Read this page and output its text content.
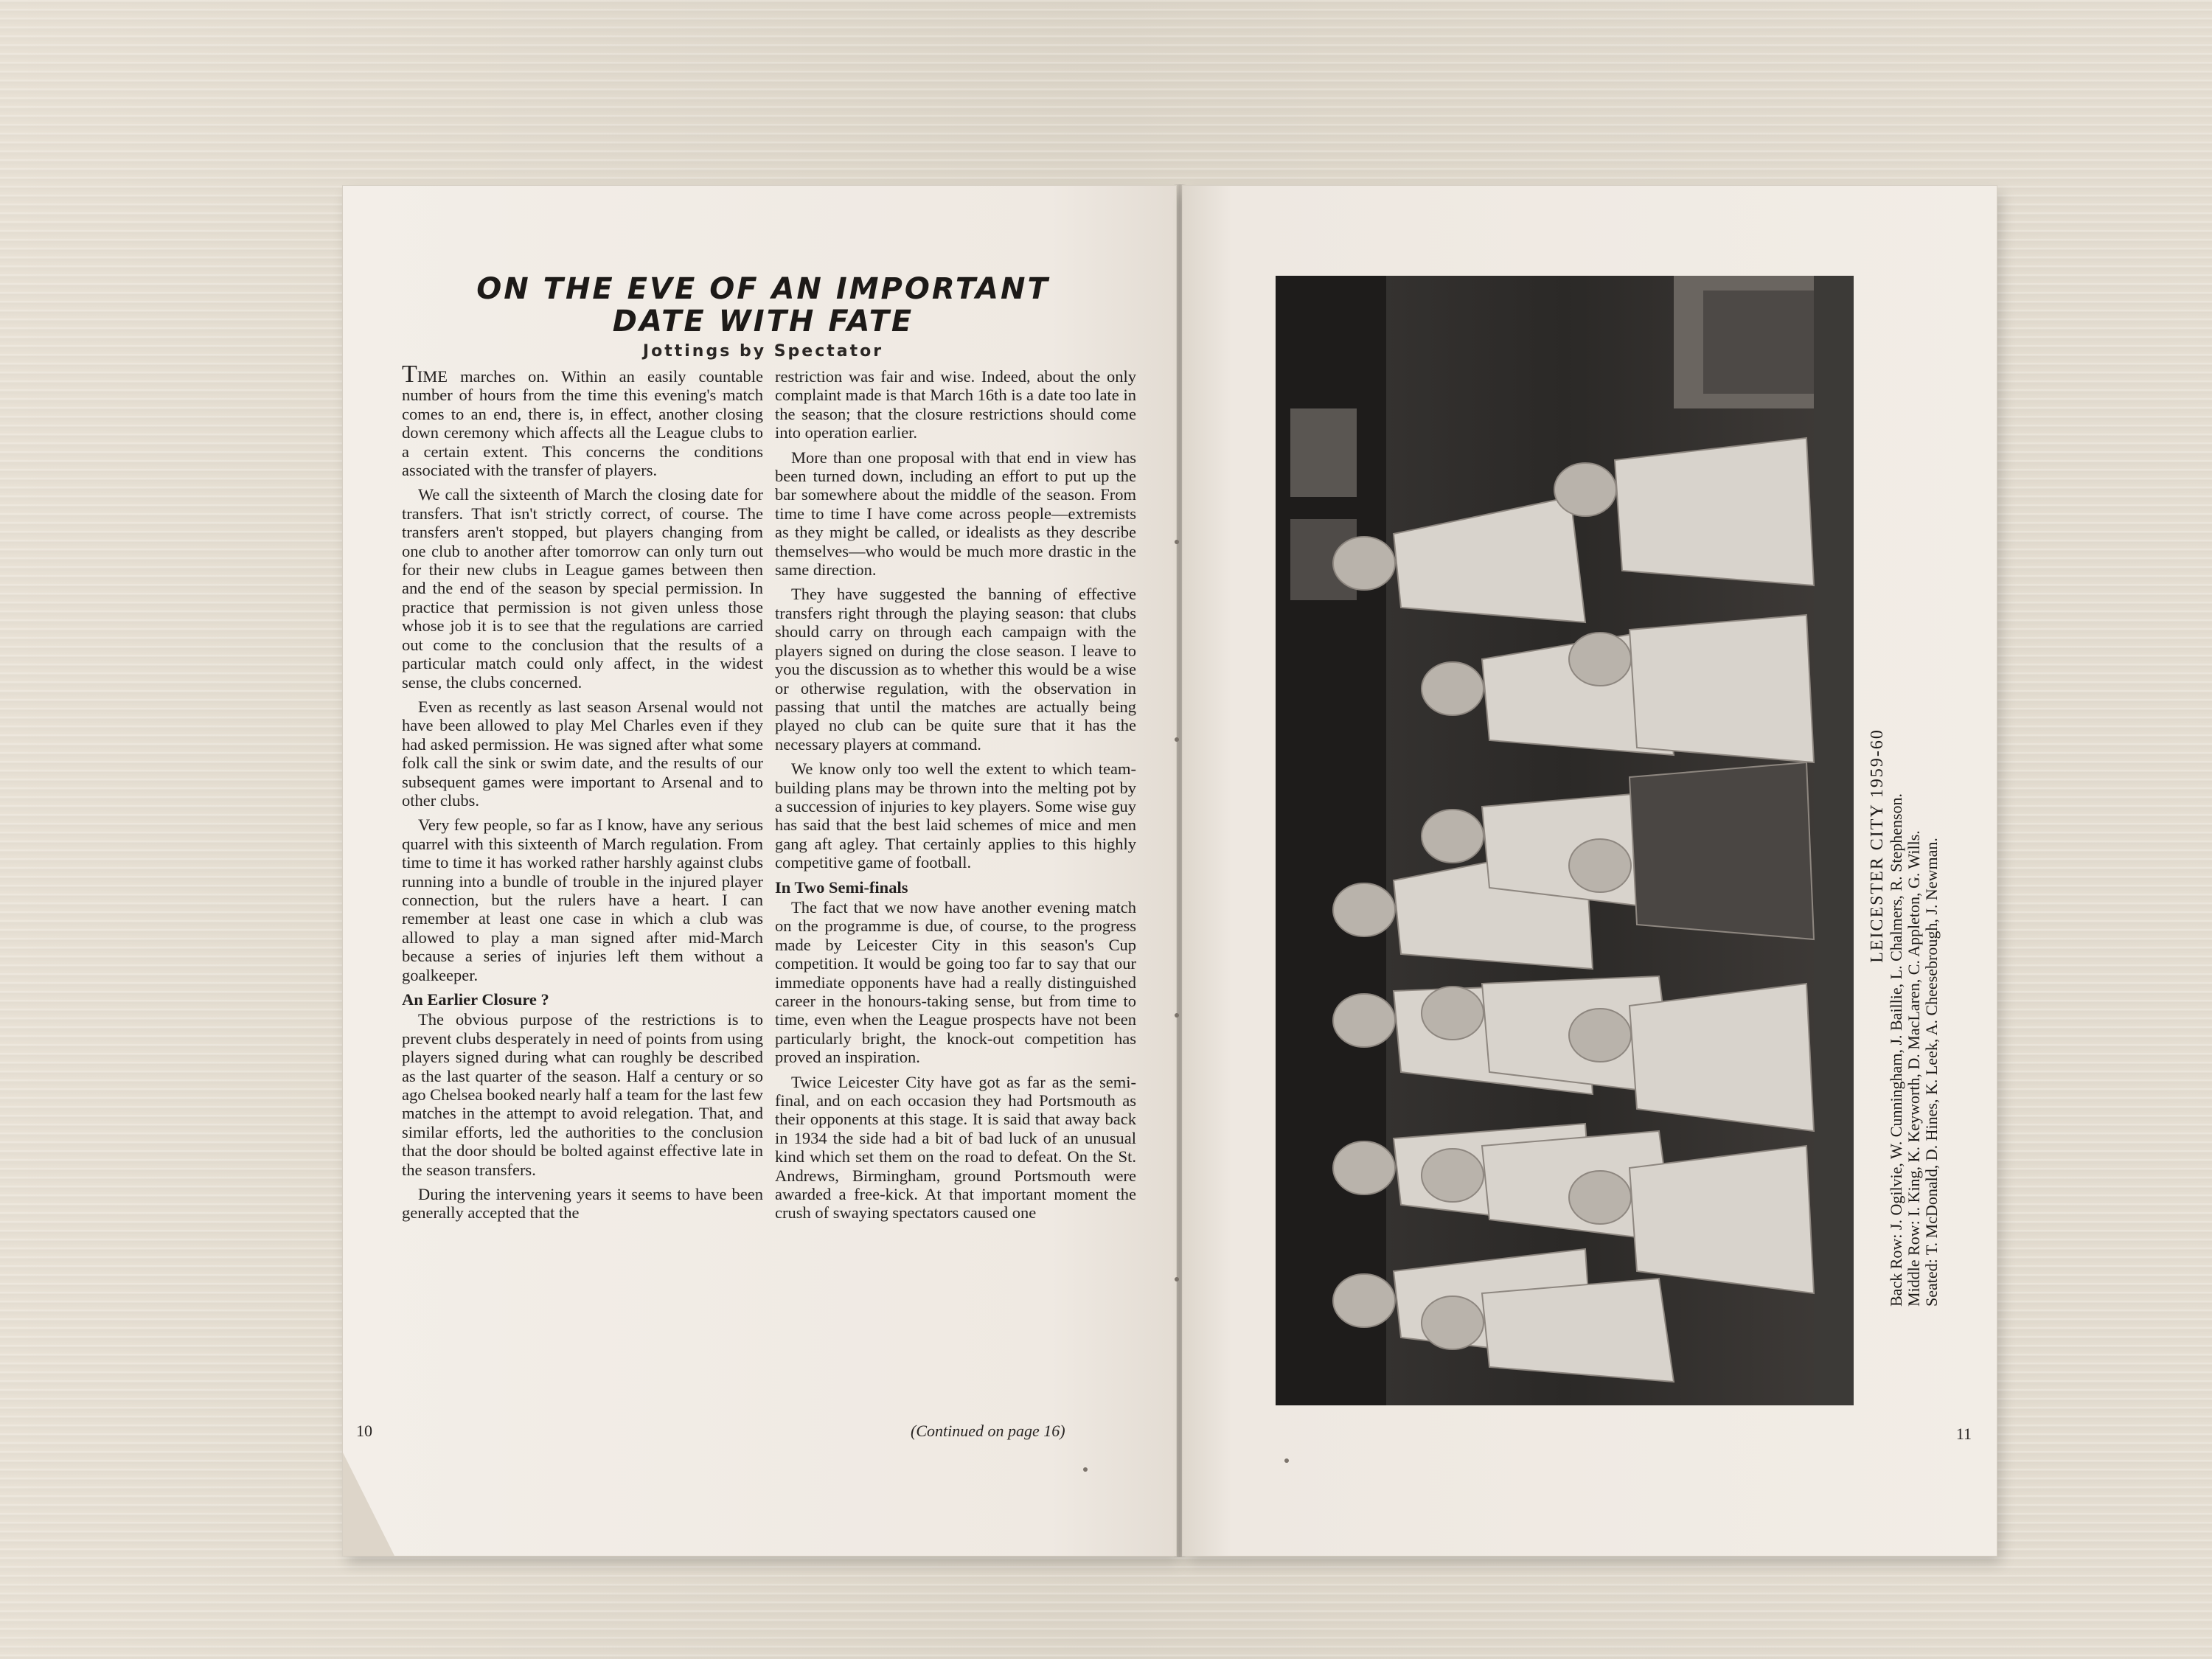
ON THE EVE OF AN IMPORTANT
DATE WITH FATE
Jottings by Spectator

TIME marches on. Within an easily countable number of hours from the time this evening's match comes to an end, there is, in effect, another closing down ceremony which affects all the League clubs to a certain extent. This concerns the conditions associated with the transfer of players.

We call the sixteenth of March the closing date for transfers. That isn't strictly correct, of course. The transfers aren't stopped, but players changing from one club to another after tomorrow can only turn out for their new clubs in League games between then and the end of the season by special permission. In practice that permission is not given unless those whose job it is to see that the regulations are carried out come to the conclusion that the results of a particular match could only affect, in the widest sense, the clubs concerned.

Even as recently as last season Arsenal would not have been allowed to play Mel Charles even if they had asked permission. He was signed after what some folk call the sink or swim date, and the results of our subsequent games were important to Arsenal and to other clubs.

Very few people, so far as I know, have any serious quarrel with this sixteenth of March regulation. From time to time it has worked rather harshly against clubs running into a bundle of trouble in the injured player connection, but the rulers have a heart. I can remember at least one case in which a club was allowed to play a man signed after mid-March because a series of injuries left them without a goalkeeper.

An Earlier Closure ?

The obvious purpose of the restrictions is to prevent clubs desperately in need of points from using players signed during what can roughly be described as the last quarter of the season. Half a century or so ago Chelsea booked nearly half a team for the last few matches in the attempt to avoid relegation. That, and similar efforts, led the authorities to the conclusion that the door should be bolted against effective late in the season transfers.

During the intervening years it seems to have been generally accepted that the

restriction was fair and wise. Indeed, about the only complaint made is that March 16th is a date too late in the season; that the closure restrictions should come into operation earlier.

More than one proposal with that end in view has been turned down, including an effort to put up the bar somewhere about the middle of the season. From time to time I have come across people—extremists as they might be called, or idealists as they describe themselves—who would be much more drastic in the same direction.

They have suggested the banning of effective transfers right through the playing season: that clubs should carry on through each campaign with the players signed on during the close season. I leave to you the discussion as to whether this would be a wise or otherwise regulation, with the observation in passing that until the matches are actually being played no club can be quite sure that it has the necessary players at command.

We know only too well the extent to which team-building plans may be thrown into the melting pot by a succession of injuries to key players. Some wise guy has said that the best laid schemes of mice and men gang aft agley. That certainly applies to this highly competitive game of football.

In Two Semi-finals

The fact that we now have another evening match on the programme is due, of course, to the progress made by Leicester City in this season's Cup competition. It would be going too far to say that our immediate opponents have had a really distinguished career in the honours-taking sense, but from time to time, even when the League prospects have not been particularly bright, the knock-out competition has proved an inspiration.

Twice Leicester City have got as far as the semi-final, and on each occasion they had Portsmouth as their opponents at this stage. It is said that away back in 1934 the side had a bit of bad luck of an unusual kind which set them on the road to defeat. On the St. Andrews, Birmingham, ground Portsmouth were awarded a free-kick. At that important moment the crush of swaying spectators caused one

10	(Continued on page 16)
LEICESTER CITY 1959-60 Back Row: J. Ogilvie, W. Cunningham, J. Baillie, L. Chalmers, R. Stephenson. Middle Row: I. King, K. Keyworth, D. MacLaren, C. Appleton, G. Wills. Seated: T. McDonald, D. Hines, K. Leek, A. Cheesebrough, J. Newman.
11
